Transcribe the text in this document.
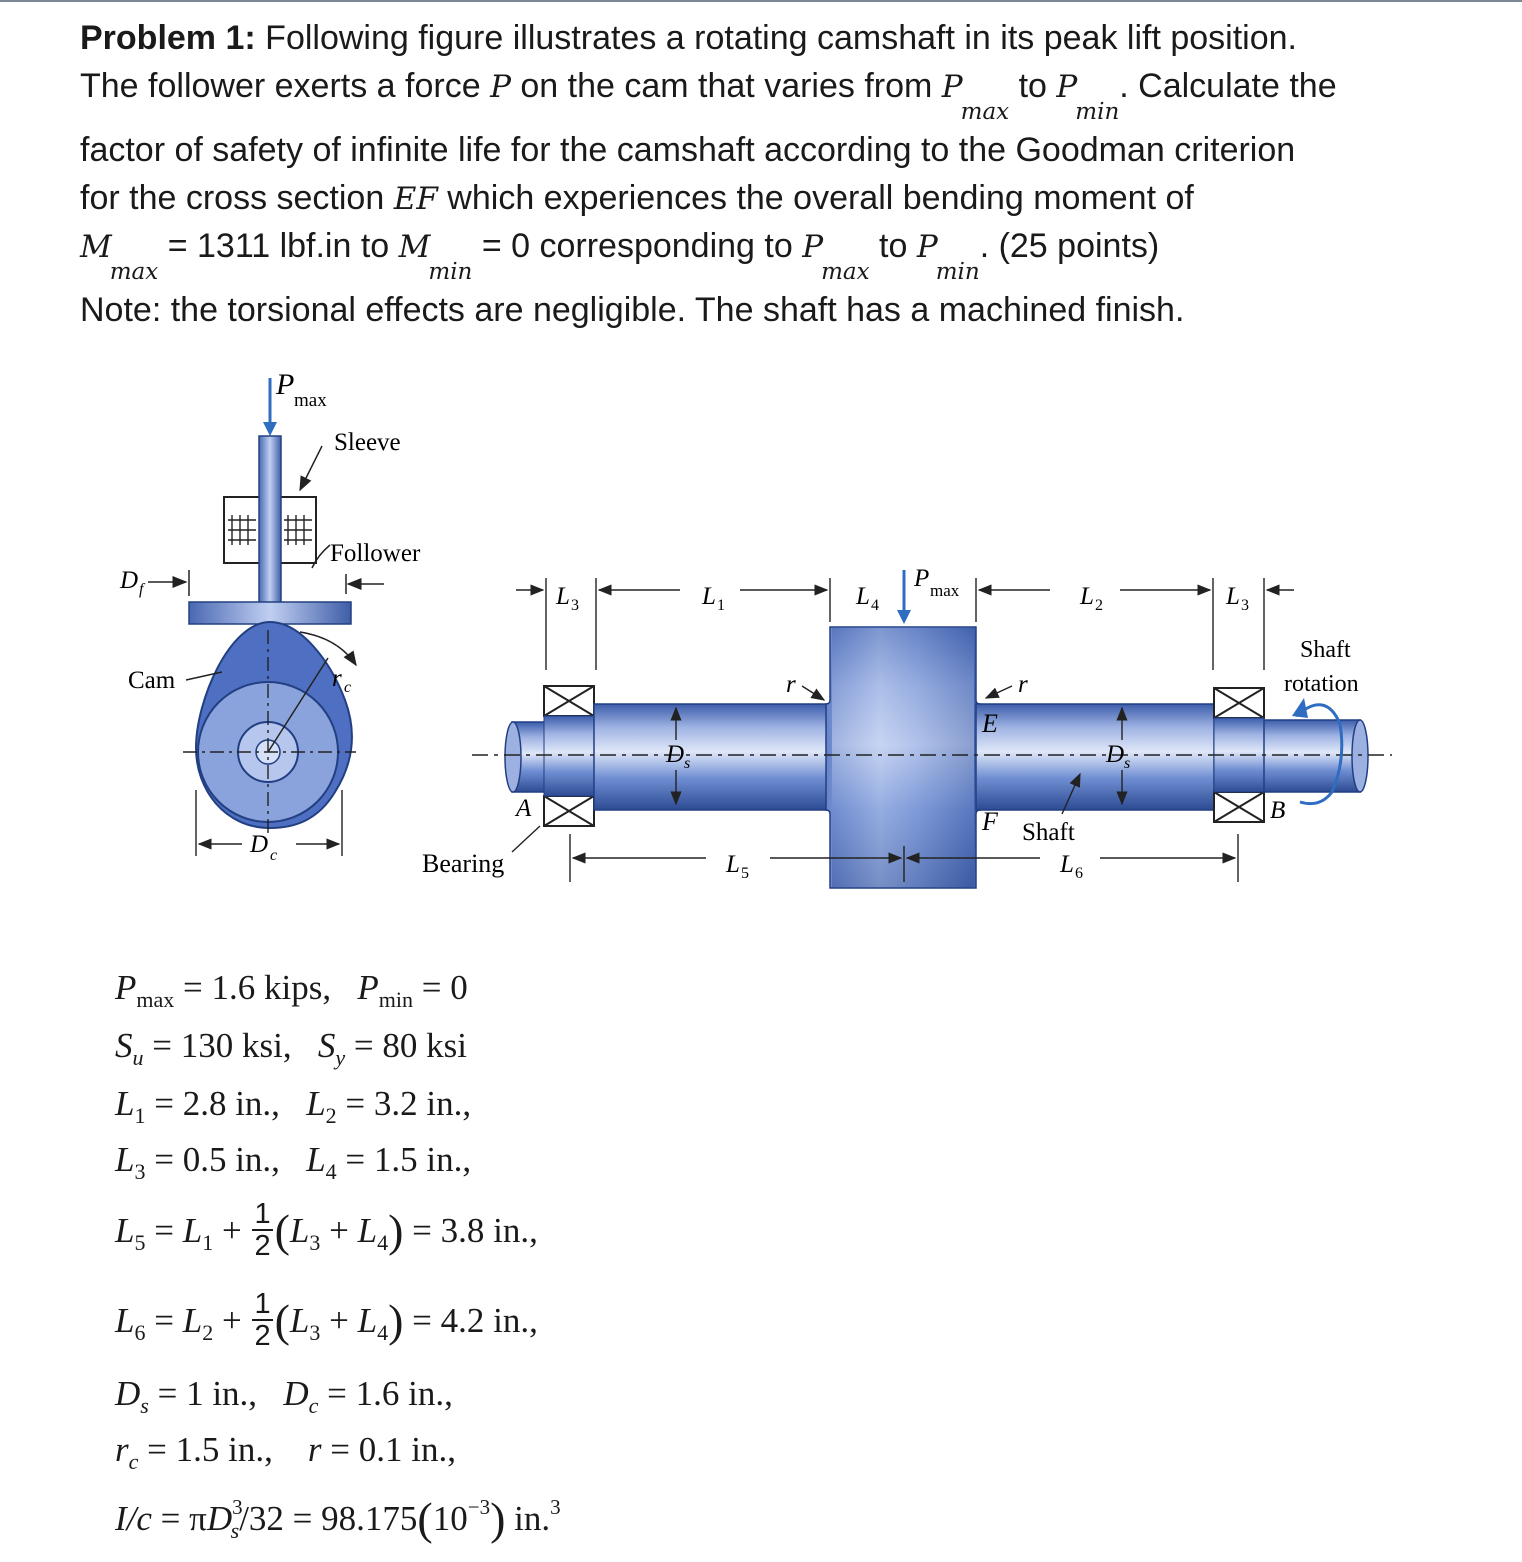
Problem 1: Following figure illustrates a rotating camshaft in its peak lift position.
The follower exerts a force P on the cam that varies from $P_{max}$ to $P_{min}$. Calculate the
factor of safety of infinite life for the camshaft according to the Goodman criterion
for the cross section EF which experiences the overall bending moment of
$M_{max} = 1311$ lbf.in to $M_{min} = 0$ corresponding to $P_{max}$ to $P_{min}$. (25 points)
Note: the torsional effects are negligible. The shaft has a machined finish.
P max
Sleeve
Follower
D f
r c
Cam
D c
Shaft
rotation
L 3	L 1	L 4
P max	L 2	L 3
r	r
E
F
D s	D s
A	B
Bearing
Shaft
L 5	L 6
$P_{max} = 1.6$ kips, $P_{min} = 0$
$S_u = 130$ ksi, $S_y = 80$ ksi
$L_1 = 2.8$ in., $L_2 = 3.2$ in.,
$L_3 = 0.5$ in., $L_4 = 1.5$ in.,
$L_5 = L_1 + \frac{1}{2} (L_3 + L_4) = 3.8$ in.,
$L_6 = L_2 + \frac{1}{2} (L_3 + L_4) = 4.2$ in.,
$D_s = 1$ in., $D_c = 1.6$ in.,
$r_c = 1.5$ in., r = 0.1 in.,
$I/c = \pi D^3_s/32 = 98.175(10^{-3})$ in.$^3$
